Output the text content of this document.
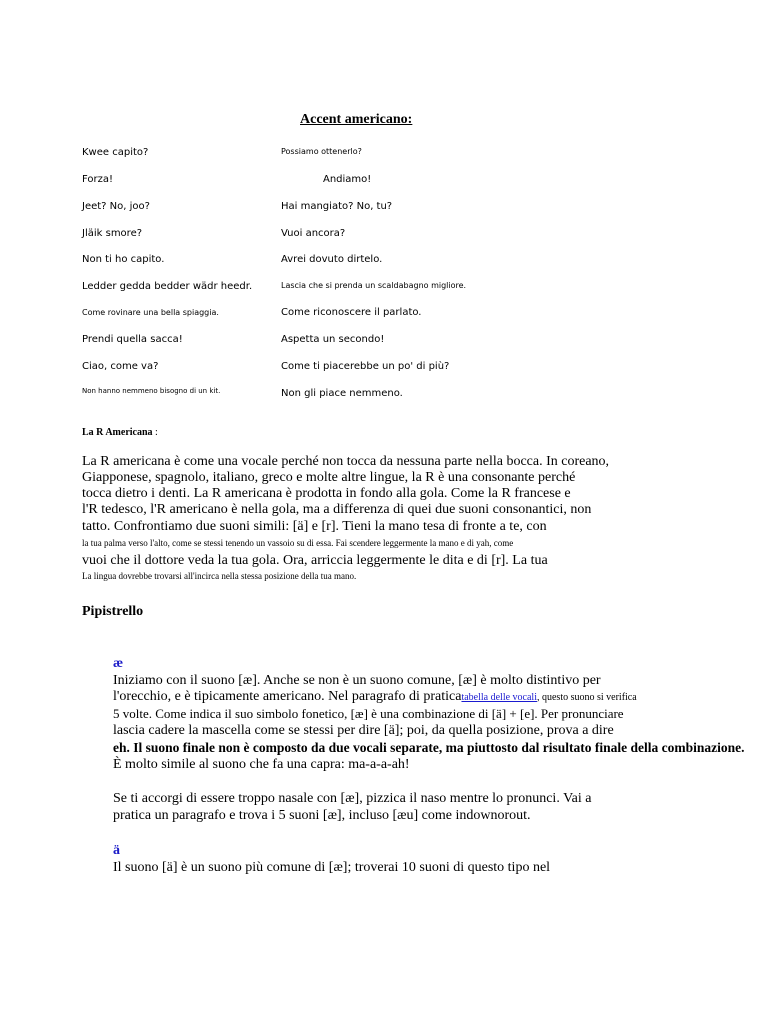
Accent americano:
Kwee capito?	Possiamo ottenerlo?
Forza!	Andiamo!
Jeet? No, joo?	Hai mangiato? No, tu?
Jläik smore?	Vuoi ancora?
Non ti ho capito.	Avrei dovuto dirtelo.
Ledder gedda bedder wädr heedr.	Lascia che si prenda un scaldabagno migliore.
Come rovinare una bella spiaggia.	Come riconoscere il parlato.
Prendi quella sacca!	Aspetta un secondo!
Ciao, come va?	Come ti piacerebbe un po' di più?
Non hanno nemmeno bisogno di un kit.	Non gli piace nemmeno.
La R Americana :
La R americana è come una vocale perché non tocca da nessuna parte nella bocca. In coreano,
Giapponese, spagnolo, italiano, greco e molte altre lingue, la R è una consonante perché
tocca dietro i denti. La R americana è prodotta in fondo alla gola. Come la R francese e
l'R tedesco, l'R americano è nella gola, ma a differenza di quei due suoni consonantici, non
tatto. Confrontiamo due suoni simili: [ä] e [r]. Tieni la mano tesa di fronte a te, con
la tua palma verso l'alto, come se stessi tenendo un vassoio su di essa. Fai scendere leggermente la mano e di yah, come
vuoi che il dottore veda la tua gola. Ora, arriccia leggermente le dita e di [r]. La tua
La lingua dovrebbe trovarsi all'incirca nella stessa posizione della tua mano.
Pipistrello
æ
Iniziamo con il suono [æ]. Anche se non è un suono comune, [æ] è molto distintivo per
l'orecchio, e è tipicamente americano. Nel paragrafo di praticatabella delle vocali, questo suono si verifica
5 volte. Come indica il suo simbolo fonetico, [æ] è una combinazione di [ä] + [e]. Per pronunciare
lascia cadere la mascella come se stessi per dire [ä]; poi, da quella posizione, prova a dire
eh. Il suono finale non è composto da due vocali separate, ma piuttosto dal risultato finale della combinazione.
È molto simile al suono che fa una capra: ma-a-a-ah!
Se ti accorgi di essere troppo nasale con [æ], pizzica il naso mentre lo pronunci. Vai a
pratica un paragrafo e trova i 5 suoni [æ], incluso [æu] come indownorout.
ä
Il suono [ä] è un suono più comune di [æ]; troverai 10 suoni di questo tipo nel
